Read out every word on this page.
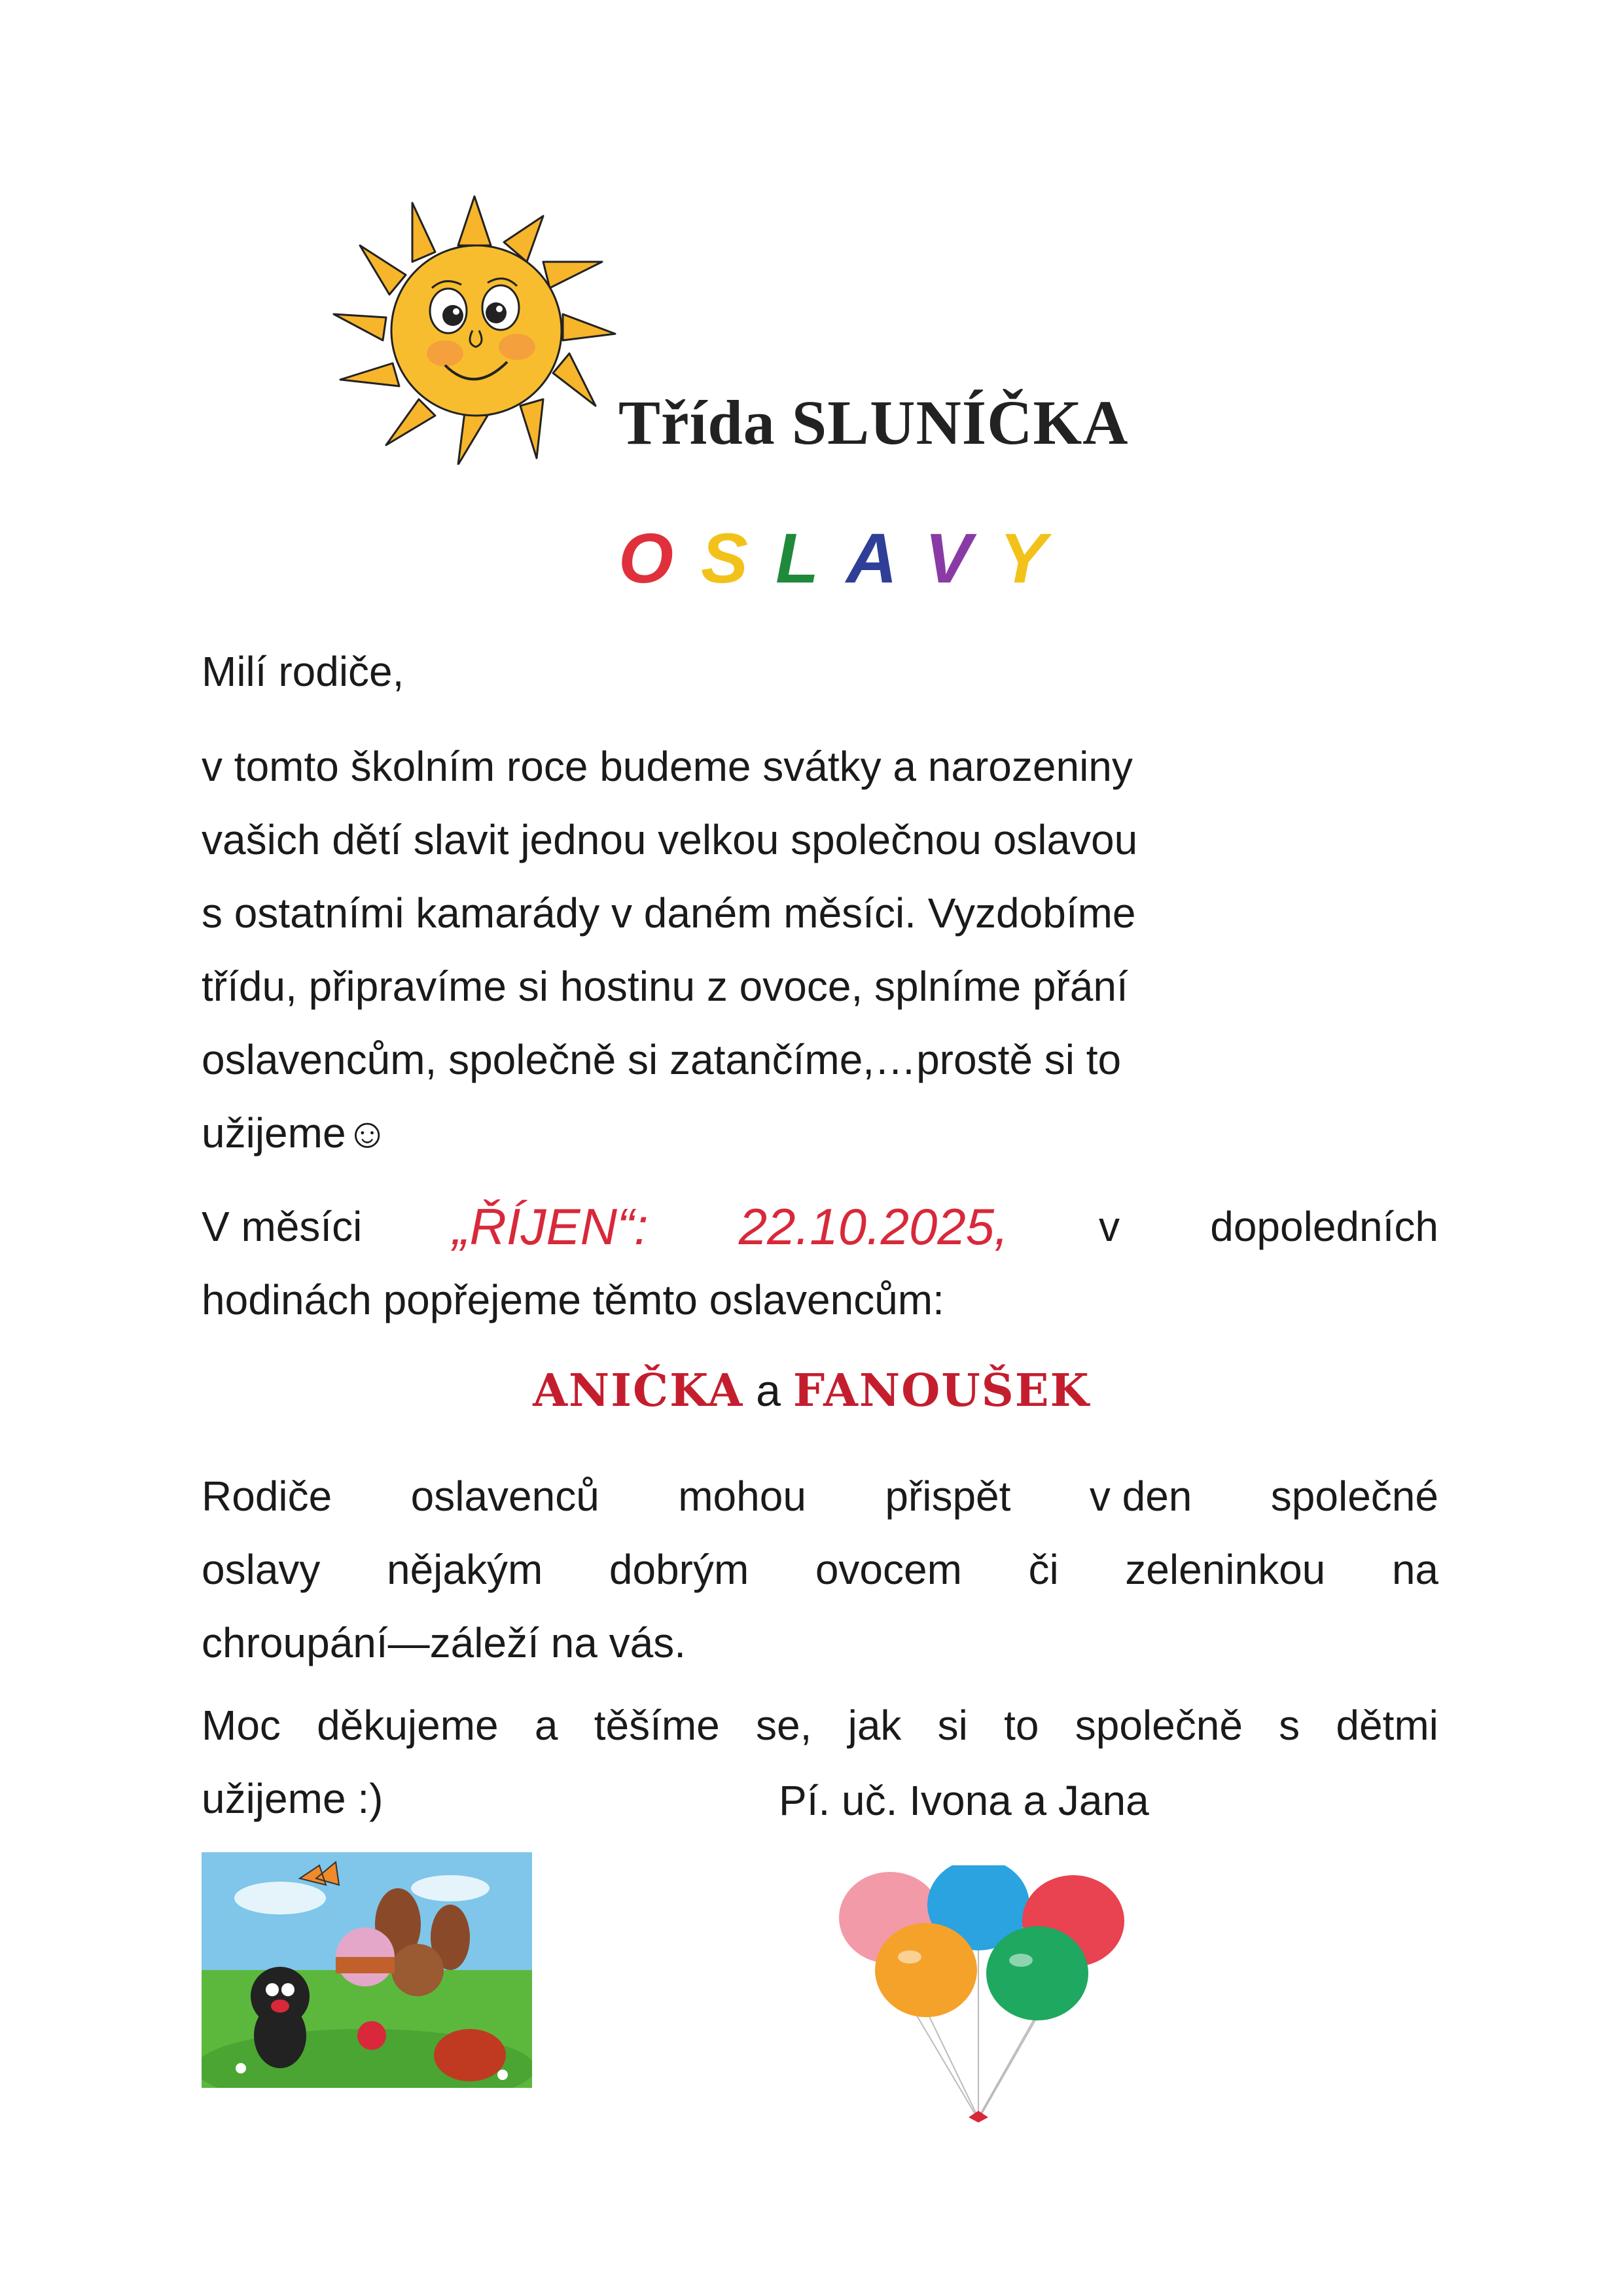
Třída SLUNÍČKA
O S L A V Y
Milí rodiče,
v tomto školním roce budeme svátky a narozeniny
vašich dětí slavit jednou velkou společnou oslavou
s ostatními kamarády v daném měsíci. Vyzdobíme
třídu, připravíme si hostinu z ovoce, splníme přání
oslavencům, společně si zatančíme,…prostě si to
užijeme☺
V měsíci „ŘÍJEN“: 22.10.2025, v dopoledních
hodinách popřejeme těmto oslavencům:
ANIČKA a FANOUŠEK
Rodiče oslavenců mohou přispět v den společné
oslavy nějakým dobrým ovocem či zeleninkou na
chroupání—záleží na vás.
Moc děkujeme a těšíme se, jak si to společně s dětmi
užijeme :)	Pí. uč. Ivona a Jana
